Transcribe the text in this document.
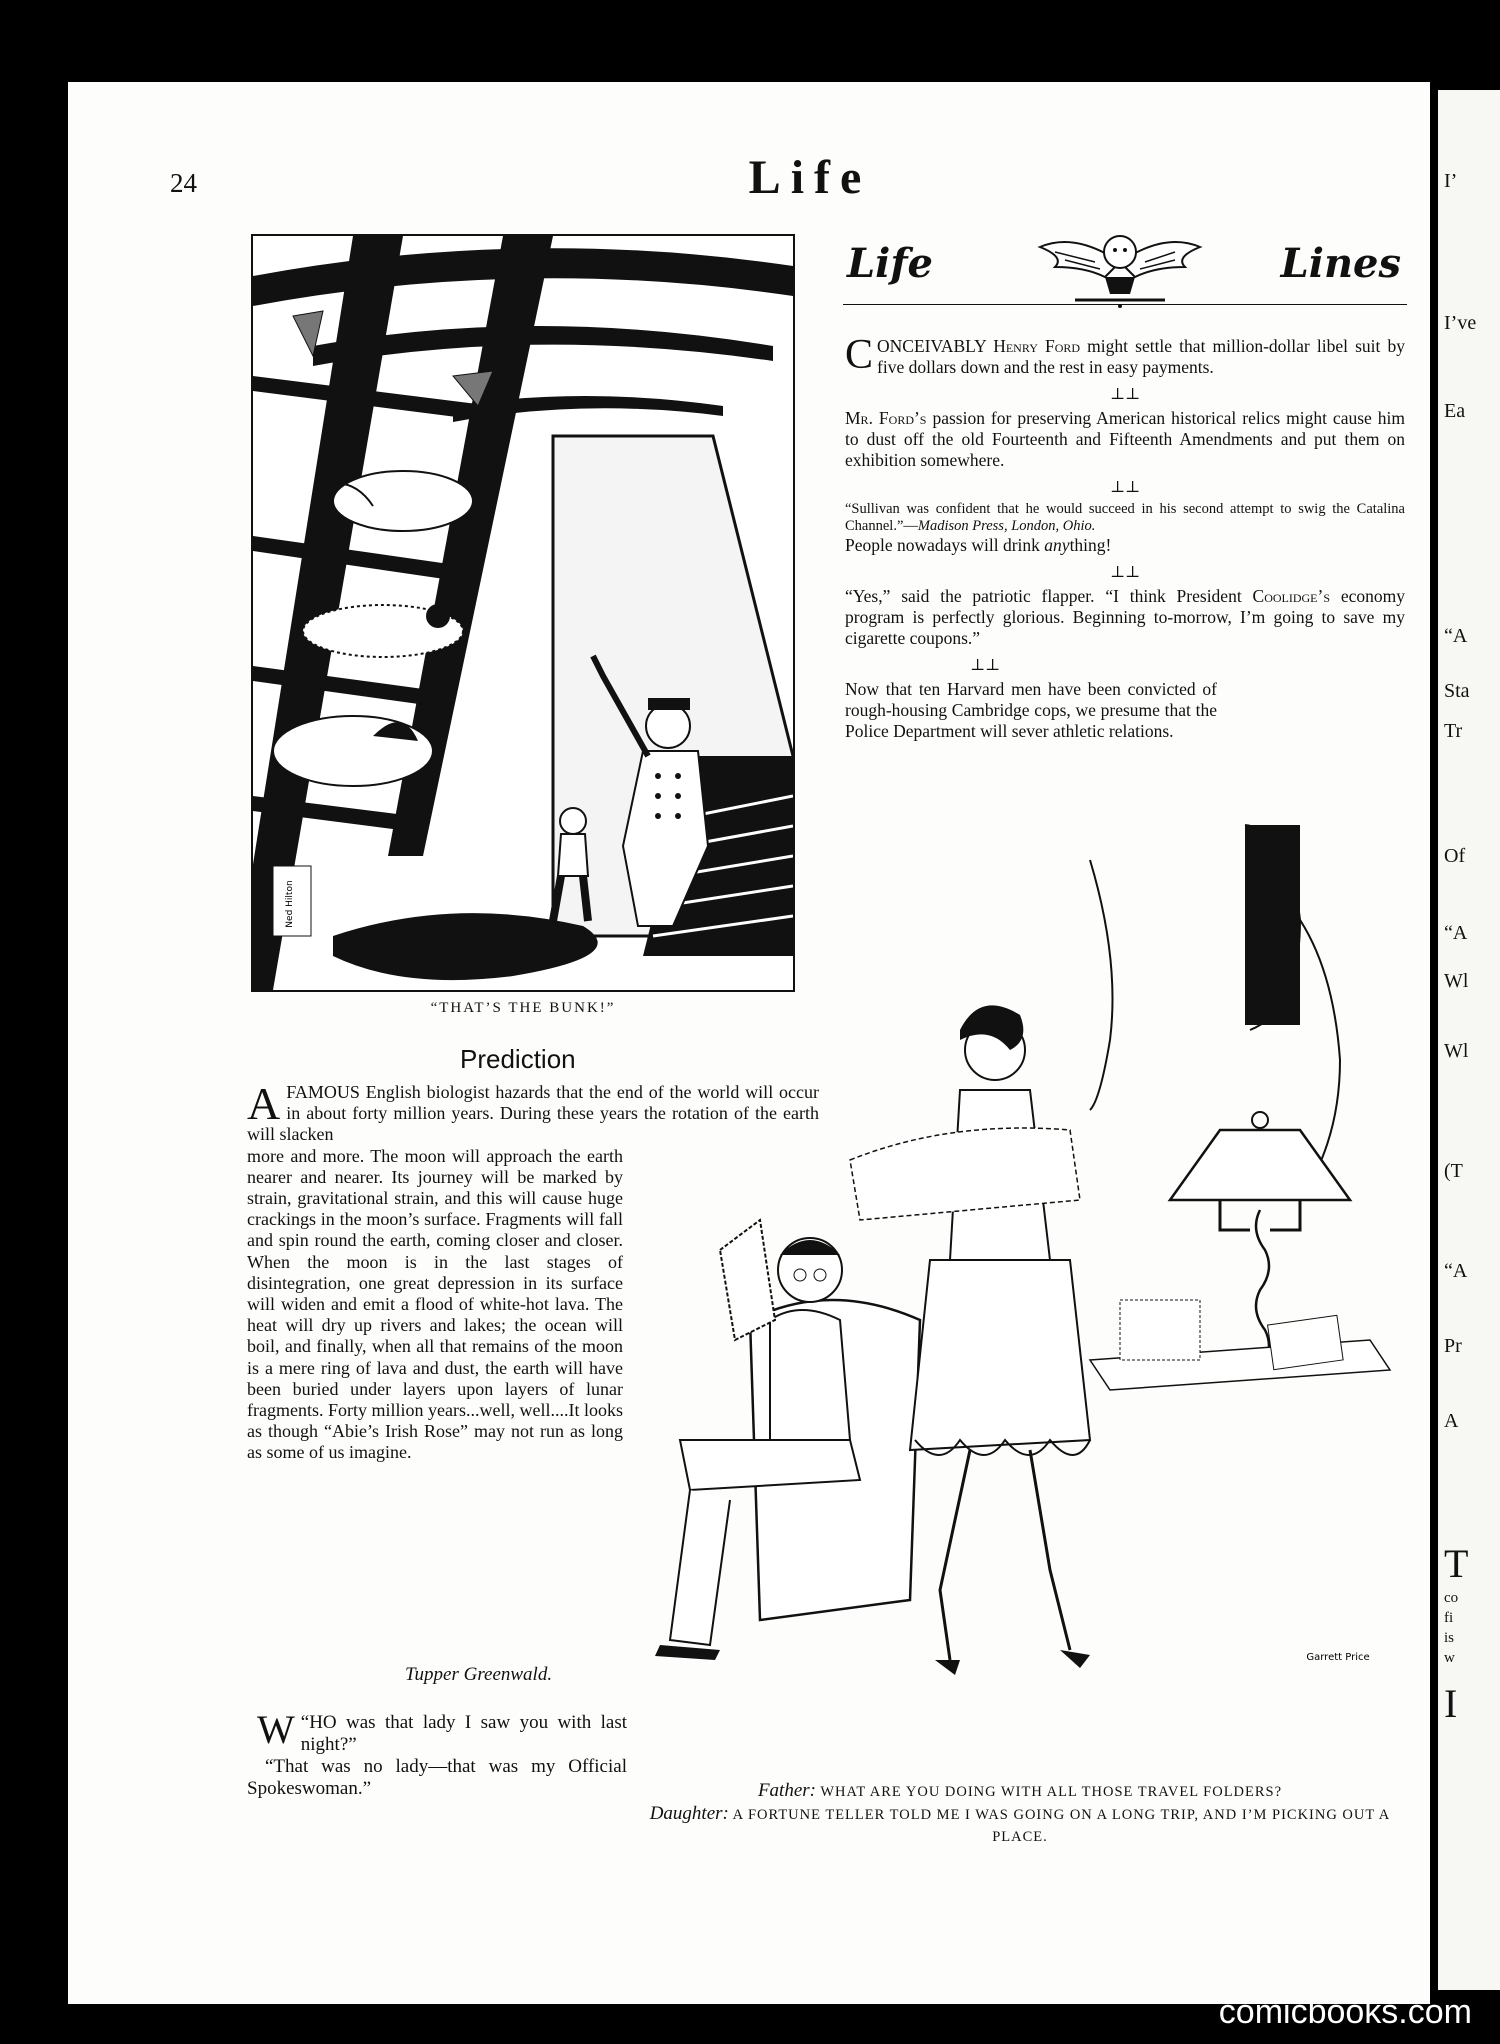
I’
I’ve
Ea
“A
Sta
Tr
Of
“A
Wl
Wl
(T
“A
Pr
A
T
co
fi
is
w
I
24	Life
Ned Hilton
“THAT’S THE BUNK!”
Life	Lines

CONCEIVABLY Henry Ford might settle that million-dollar libel suit by five dollars down and the rest in easy payments.

⊥⊥

Mr. Ford’s passion for preserving American historical relics might cause him to dust off the old Fourteenth and Fifteenth Amendments and put them on exhibition somewhere.

⊥⊥

“Sullivan was confident that he would succeed in his second attempt to swig the Catalina Channel.”—Madison Press, London, Ohio.

People nowadays will drink anything!

⊥⊥

“Yes,” said the patriotic flapper. “I think President Coolidge’s economy program is perfectly glorious. Beginning to-morrow, I’m going to save my cigarette coupons.”

⊥⊥

Now that ten Harvard men have been convicted of rough-housing Cambridge cops, we presume that the Police Department will sever athletic relations.

Prediction

AFAMOUS English biologist hazards that the end of the world will occur in about forty million years. During these years the rotation of the earth will slacken

more and more. The moon will approach the earth nearer and nearer. Its journey will be marked by strain, gravitational strain, and this will cause huge crackings in the moon’s surface. Fragments will fall and spin round the earth, coming closer and closer. When the moon is in the last stages of disintegration, one great depression in its surface will widen and emit a flood of white-hot lava. The heat will dry up rivers and lakes; the ocean will boil, and finally, when all that remains of the moon is a mere ring of lava and dust, the earth will have been buried under layers upon layers of lunar fragments. Forty million years...well, well....It looks as though “Abie’s Irish Rose” may not run as long as some of us imagine.

Tupper Greenwald.

“
W HO was that lady I saw you with last night?”

“That was no lady—that was my Official Spokeswoman.”

Garrett Price
Father: WHAT ARE YOU DOING WITH ALL THOSE TRAVEL FOLDERS?
Daughter: A FORTUNE TELLER TOLD ME I WAS GOING ON A LONG TRIP, AND I’M PICKING OUT A PLACE.
comicbooks.com
